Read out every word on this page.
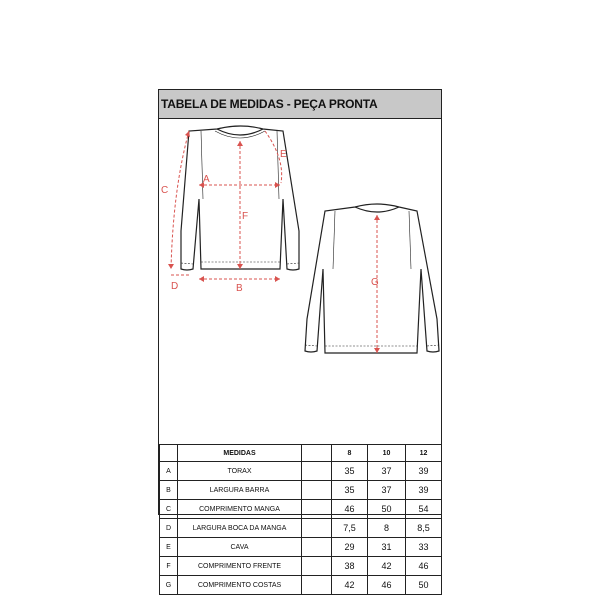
TABELA DE MEDIDAS - PEÇA PRONTA
A
B
C
D
E
F
G
	MEDIDAS		8	10	12
A	TORAX		35	37	39
B	LARGURA BARRA		35	37	39
C	COMPRIMENTO MANGA		46	50	54
D	LARGURA BOCA DA MANGA		7,5	8	8,5
E	CAVA		29	31	33
F	COMPRIMENTO FRENTE		38	42	46
G	COMPRIMENTO COSTAS		42	46	50
